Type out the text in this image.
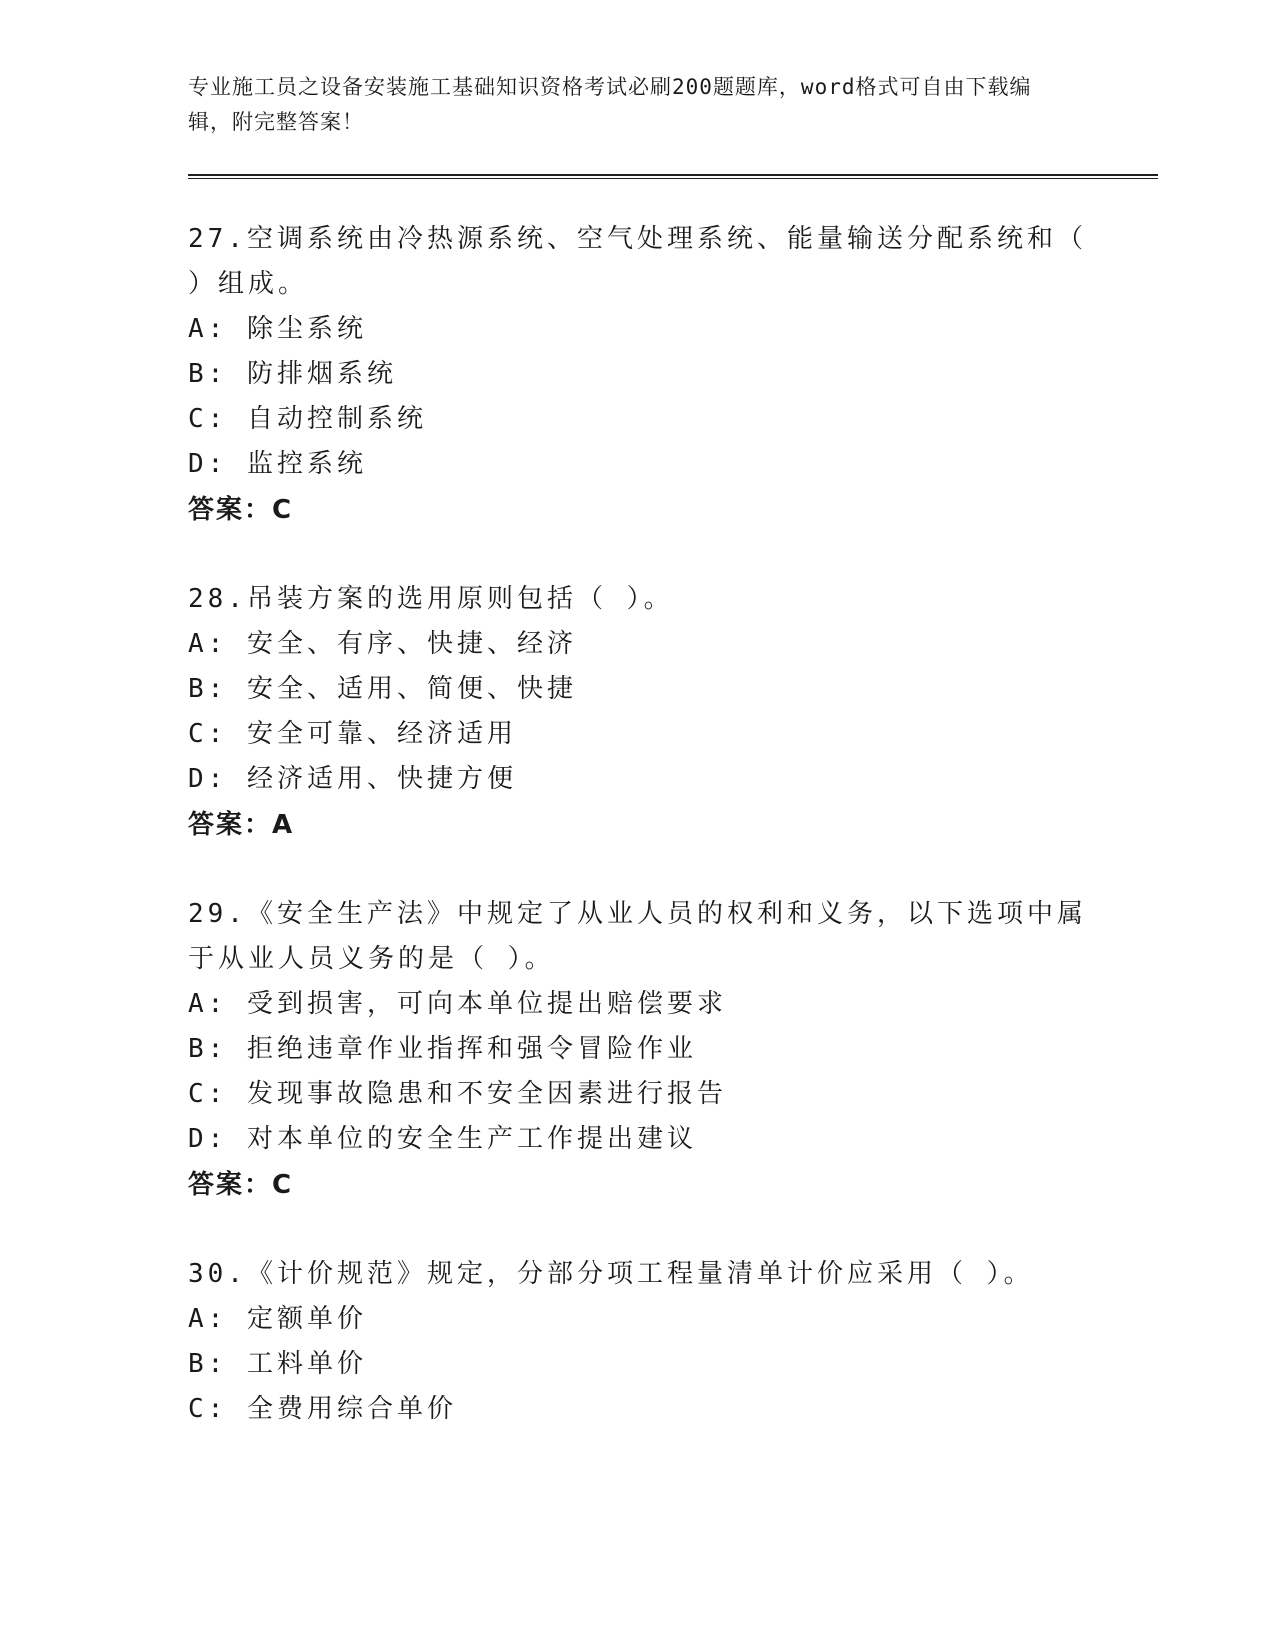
专业施工员之设备安装施工基础知识资格考试必刷200题题库，word格式可自由下载编辑，附完整答案！

27.空调系统由冷热源系统、空气处理系统、能量输送分配系统和（ ）组成。

A: 除尘系统

B: 防排烟系统

C: 自动控制系统

D: 监控系统

答案：C

28.吊装方案的选用原则包括（ ）。

A: 安全、有序、快捷、经济

B: 安全、适用、简便、快捷

C: 安全可靠、经济适用

D: 经济适用、快捷方便

答案：A

29.《安全生产法》中规定了从业人员的权利和义务，以下选项中属于从业人员义务的是（ ）。

A: 受到损害，可向本单位提出赔偿要求

B: 拒绝违章作业指挥和强令冒险作业

C: 发现事故隐患和不安全因素进行报告

D: 对本单位的安全生产工作提出建议

答案：C

30.《计价规范》规定，分部分项工程量清单计价应采用（ ）。

A: 定额单价

B: 工料单价

C: 全费用综合单价
